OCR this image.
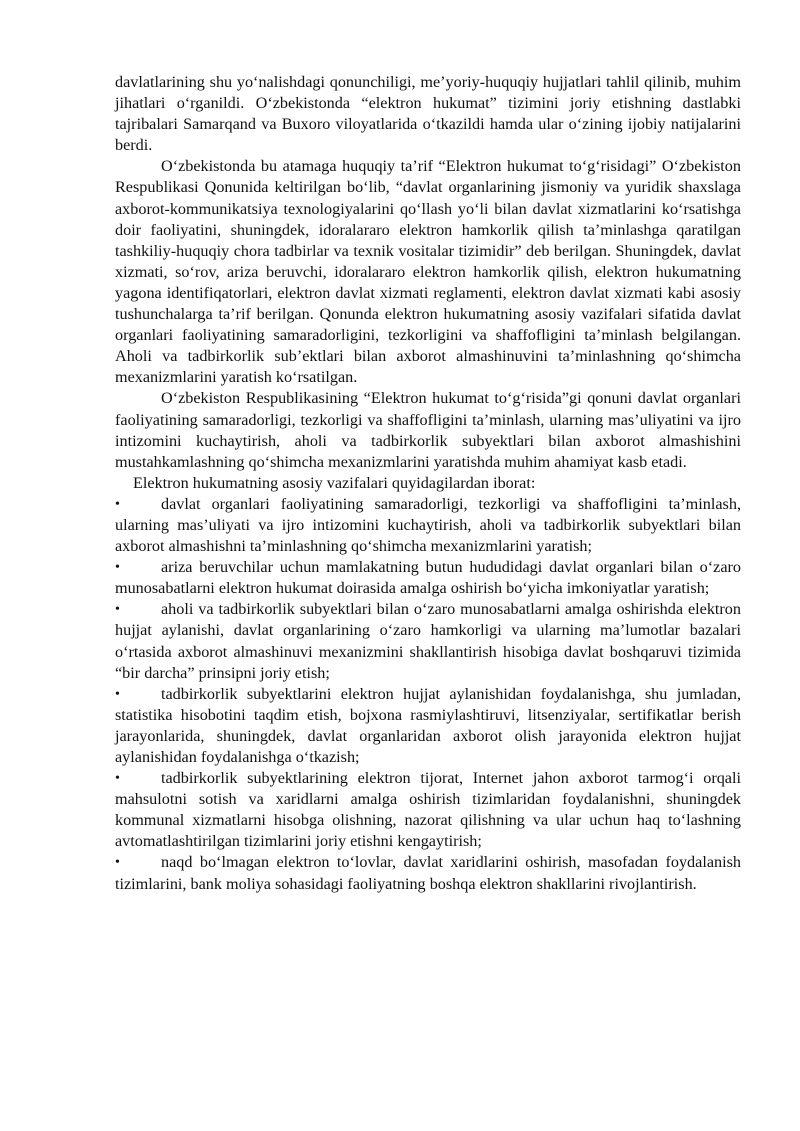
davlatlarining shu yo‘nalishdagi qonunchiligi, me’yoriy-huquqiy hujjatlari tahlil qilinib, muhim jihatlari o‘rganildi. O‘zbekistonda “elektron hukumat” tizimini joriy etishning dastlabki tajribalari Samarqand va Buxoro viloyatlarida o‘tkazildi hamda ular o‘zining ijobiy natijalarini berdi.

O‘zbekistonda bu atamaga huquqiy ta’rif “Elektron hukumat to‘g‘risidagi” O‘zbekiston Respublikasi Qonunida keltirilgan bo‘lib, “davlat organlarining jismoniy va yuridik shaxslaga axborot-kommunikatsiya texnologiyalarini qo‘llash yo‘li bilan davlat xizmatlarini ko‘rsatishga doir faoliyatini, shuningdek, idoralararo elektron hamkorlik qilish ta’minlashga qaratilgan tashkiliy-huquqiy chora tadbirlar va texnik vositalar tizimidir” deb berilgan. Shuningdek, davlat xizmati, so‘rov, ariza beruvchi, idoralararo elektron hamkorlik qilish, elektron hukumatning yagona identifiqatorlari, elektron davlat xizmati reglamenti, elektron davlat xizmati kabi asosiy tushunchalarga ta’rif berilgan. Qonunda elektron hukumatning asosiy vazifalari sifatida davlat organlari faoliyatining samaradorligini, tezkorligini va shaffofligini ta’minlash belgilangan. Aholi va tadbirkorlik sub’ektlari bilan axborot almashinuvini ta’minlashning qo‘shimcha mexanizmlarini yaratish ko‘rsatilgan.

O‘zbekiston Respublikasining “Elektron hukumat to‘g‘risida”gi qonuni davlat organlari faoliyatining samaradorligi, tezkorligi va shaffofligini ta’minlash, ularning mas’uliyatini va ijro intizomini kuchaytirish, aholi va tadbirkorlik subyektlari bilan axborot almashishini mustahkamlashning qo‘shimcha mexanizmlarini yaratishda muhim ahamiyat kasb etadi.

Elektron hukumatning asosiy vazifalari quyidagilardan iborat:

•	davlat organlari faoliyatining samaradorligi, tezkorligi va shaffofligini ta’minlash, ularning mas’uliyati va ijro intizomini kuchaytirish, aholi va tadbirkorlik subyektlari bilan axborot almashishni ta’minlashning qo‘shimcha mexanizmlarini yaratish;

•	ariza beruvchilar uchun mamlakatning butun hududidagi davlat organlari bilan o‘zaro munosabatlarni elektron hukumat doirasida amalga oshirish bo‘yicha imkoniyatlar yaratish;

•	aholi va tadbirkorlik subyektlari bilan o‘zaro munosabatlarni amalga oshirishda elektron hujjat aylanishi, davlat organlarining o‘zaro hamkorligi va ularning ma’lumotlar bazalari o‘rtasida axborot almashinuvi mexanizmini shakllantirish hisobiga davlat boshqaruvi tizimida “bir darcha” prinsipni joriy etish;

•	tadbirkorlik subyektlarini elektron hujjat aylanishidan foydalanishga, shu jumladan, statistika hisobotini taqdim etish, bojxona rasmiylashtiruvi, litsenziyalar, sertifikatlar berish jarayonlarida, shuningdek, davlat organlaridan axborot olish jarayonida elektron hujjat aylanishidan foydalanishga o‘tkazish;

•	tadbirkorlik subyektlarining elektron tijorat, Internet jahon axborot tarmog‘i orqali mahsulotni sotish va xaridlarni amalga oshirish tizimlaridan foydalanishni, shuningdek kommunal xizmatlarni hisobga olishning, nazorat qilishning va ular uchun haq to‘lashning avtomatlashtirilgan tizimlarini joriy etishni kengaytirish;

•	naqd bo‘lmagan elektron to‘lovlar, davlat xaridlarini oshirish, masofadan foydalanish tizimlarini, bank moliya sohasidagi faoliyatning boshqa elektron shakllarini rivojlantirish.
